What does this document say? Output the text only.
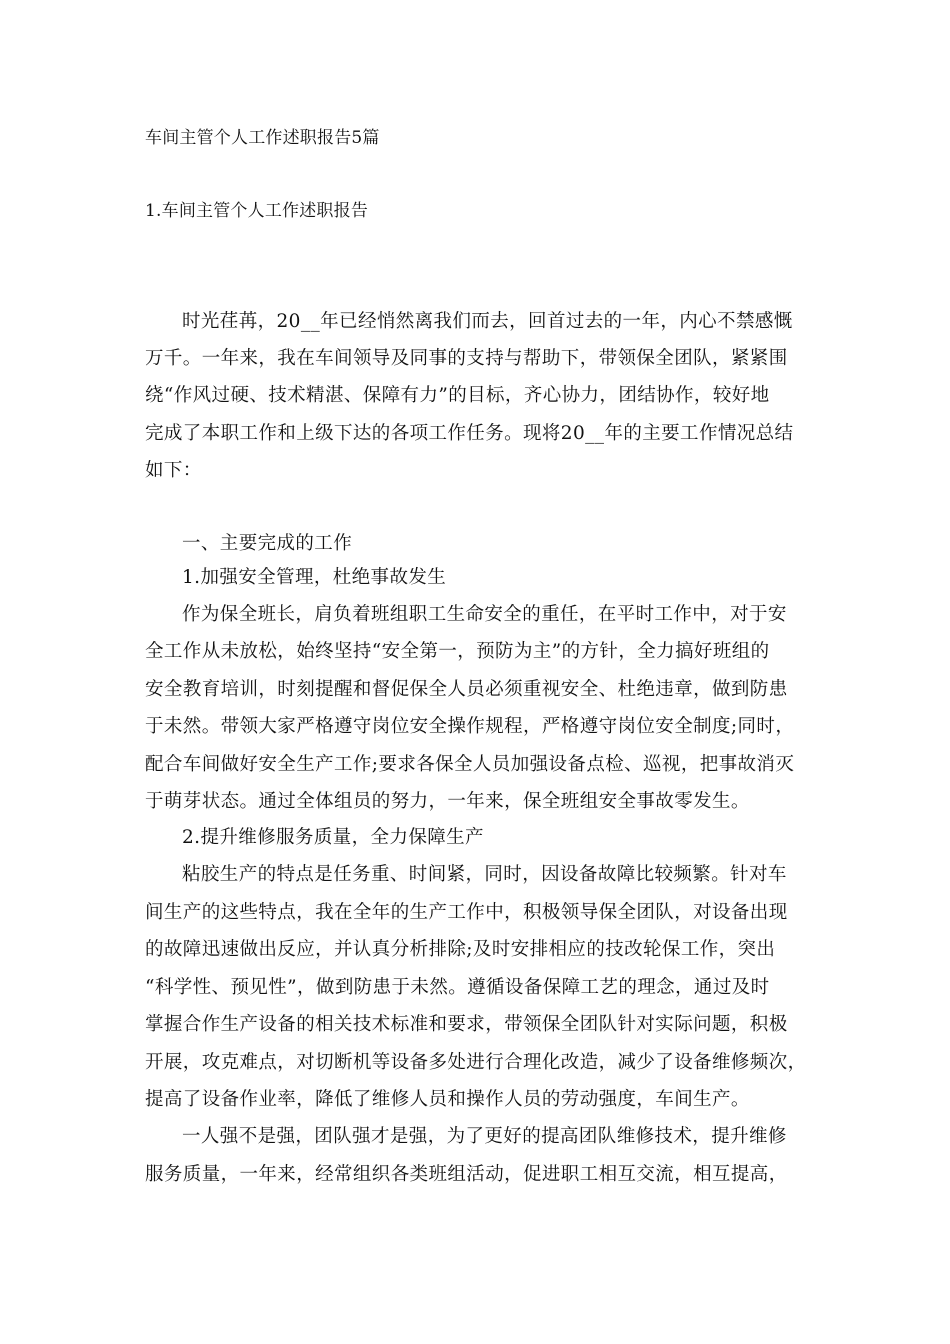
车间主管个人工作述职报告5篇
1.车间主管个人工作述职报告
时光荏苒，20__年已经悄然离我们而去，回首过去的一年，内心不禁感慨
万千。一年来，我在车间领导及同事的支持与帮助下，带领保全团队，紧紧围
绕“作风过硬、技术精湛、保障有力”的目标，齐心协力，团结协作，较好地
完成了本职工作和上级下达的各项工作任务。现将20__年的主要工作情况总结
如下：
一、主要完成的工作
1.加强安全管理，杜绝事故发生
作为保全班长，肩负着班组职工生命安全的重任，在平时工作中，对于安
全工作从未放松，始终坚持“安全第一，预防为主”的方针，全力搞好班组的
安全教育培训，时刻提醒和督促保全人员必须重视安全、杜绝违章，做到防患
于未然。带领大家严格遵守岗位安全操作规程，严格遵守岗位安全制度;同时，
配合车间做好安全生产工作;要求各保全人员加强设备点检、巡视，把事故消灭
于萌芽状态。通过全体组员的努力，一年来，保全班组安全事故零发生。
2.提升维修服务质量，全力保障生产
粘胶生产的特点是任务重、时间紧，同时，因设备故障比较频繁。针对车
间生产的这些特点，我在全年的生产工作中，积极领导保全团队，对设备出现
的故障迅速做出反应，并认真分析排除;及时安排相应的技改轮保工作，突出
“科学性、预见性”，做到防患于未然。遵循设备保障工艺的理念，通过及时
掌握合作生产设备的相关技术标准和要求，带领保全团队针对实际问题，积极
开展，攻克难点，对切断机等设备多处进行合理化改造，减少了设备维修频次，
提高了设备作业率，降低了维修人员和操作人员的劳动强度，车间生产。
一人强不是强，团队强才是强，为了更好的提高团队维修技术，提升维修
服务质量，一年来，经常组织各类班组活动，促进职工相互交流，相互提高，
